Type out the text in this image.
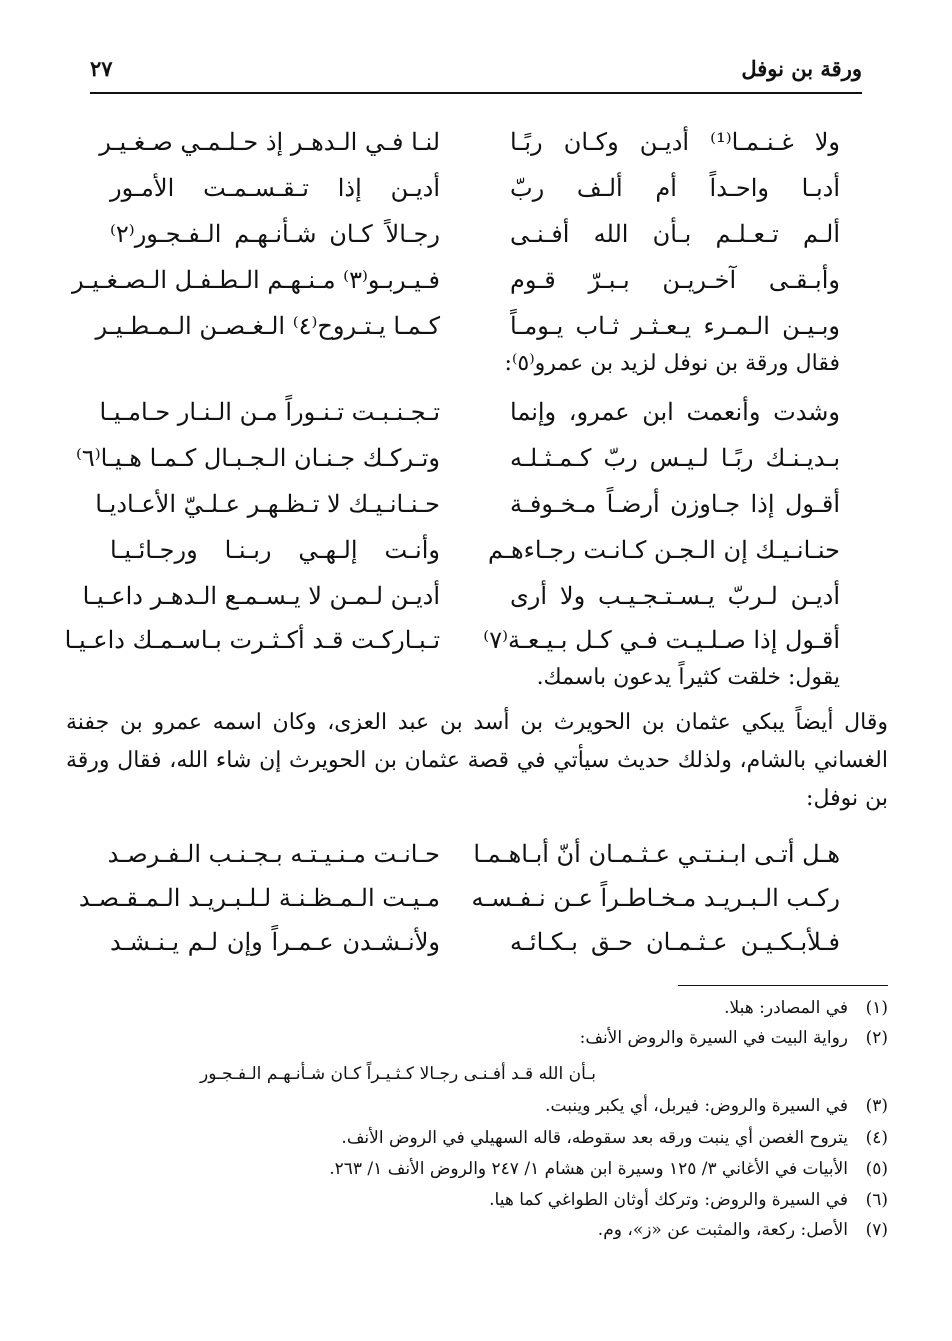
ورقة بن نوفل
٢٧
ولا غـنـمـا⁽¹⁾ أديـن وكـان ربًـا
أدبـا واحـداً أم ألـف ربّ
ألـم تـعـلـم بـأن الله أفـنـى
وأبـقـى آخـريـن بـبـرّ قـوم
وبـيـن الـمـرء يـعـثـر ثـاب يـومـاً
لنـا فـي الـدهـر إذ حـلـمـي صـغـيـر
أديـن إذا تـقـسـمـت الأمـور
رجـالاً كـان شـأنـهـم الـفـجـور⁽٢⁾
فـيـربـو⁽٣⁾ مـنـهـم الـطـفـل الـصـغـيـر
كـمـا يـتـروح⁽٤⁾ الـغـصـن الـمـطـيـر
فقال ورقة بن نوفل لزيد بن عمرو⁽٥⁾:
وشدت وأنعمت ابن عمرو، وإنما
بـديـنـك ربًـا لـيـس ربّ كـمـثـلـه
أقـول إذا جـاوزن أرضـاً مـخـوفـة
حنـانـيـك إن الـجـن كـانـت رجـاءهـم
أديـن لـربّ يـسـتـجـيـب ولا أرى
أقـول إذا صـلـيـت فـي كـل بـيـعـة⁽٧⁾
تـجـنـبـت تـنـوراً مـن الـنـار حـامـيـا
وتـركـك جـنـان الـجـبـال كـمـا هـيـا⁽٦⁾
حـنـانـيـك لا تـظـهـر عـلـيّ الأعـاديـا
وأنـت إلـهـي ربـنـا ورجـائـيـا
أديـن لـمـن لا يـسـمـع الـدهـر داعـيـا
تـبـاركـت قـد أكـثـرت بـاسـمـك داعـيـا
يقول: خلقت كثيراً يدعون باسمك.
وقال أيضاً يبكي عثمان بن الحويرث بن أسد بن عبد العزى، وكان اسمه عمرو بن جفنة الغساني بالشام، ولذلك حديث سيأتي في قصة عثمان بن الحويرث إن شاء الله، فقال ورقة بن نوفل:
هـل أتـى ابـنـتـي عـثـمـان أنّ أبـاهـمـا
ركـب الـبـريـد مـخـاطـراً عـن نـفـسـه
فـلأبـكـيـن عـثـمـان حـق بـكـائـه
حـانـت مـنـيـتـه بـجـنـب الـفـرصـد
مـيـت الـمـظـنـة لـلـبـريـد الـمـقـصـد
ولأنـشـدن عـمـراً وإن لـم يـنـشـد
(١)في المصادر: هبلا.
(٢)رواية البيت في السيرة والروض الأنف:
بـأن الله قـد أفـنـى رجـالا
كـثـيـراً كـان شـأنـهـم الـفـجـور
(٣)في السيرة والروض: فيربل، أي يكبر وينبت.
(٤)يتروح الغصن أي ينبت ورقه بعد سقوطه، قاله السهيلي في الروض الأنف.
(٥)الأبيات في الأغاني ٣/ ١٢٥ وسيرة ابن هشام ١/ ٢٤٧ والروض الأنف ١/ ٢٦٣.
(٦)في السيرة والروض: وتركك أوثان الطواغي كما هيا.
(٧)الأصل: ركعة، والمثبت عن «ز»، وم.
